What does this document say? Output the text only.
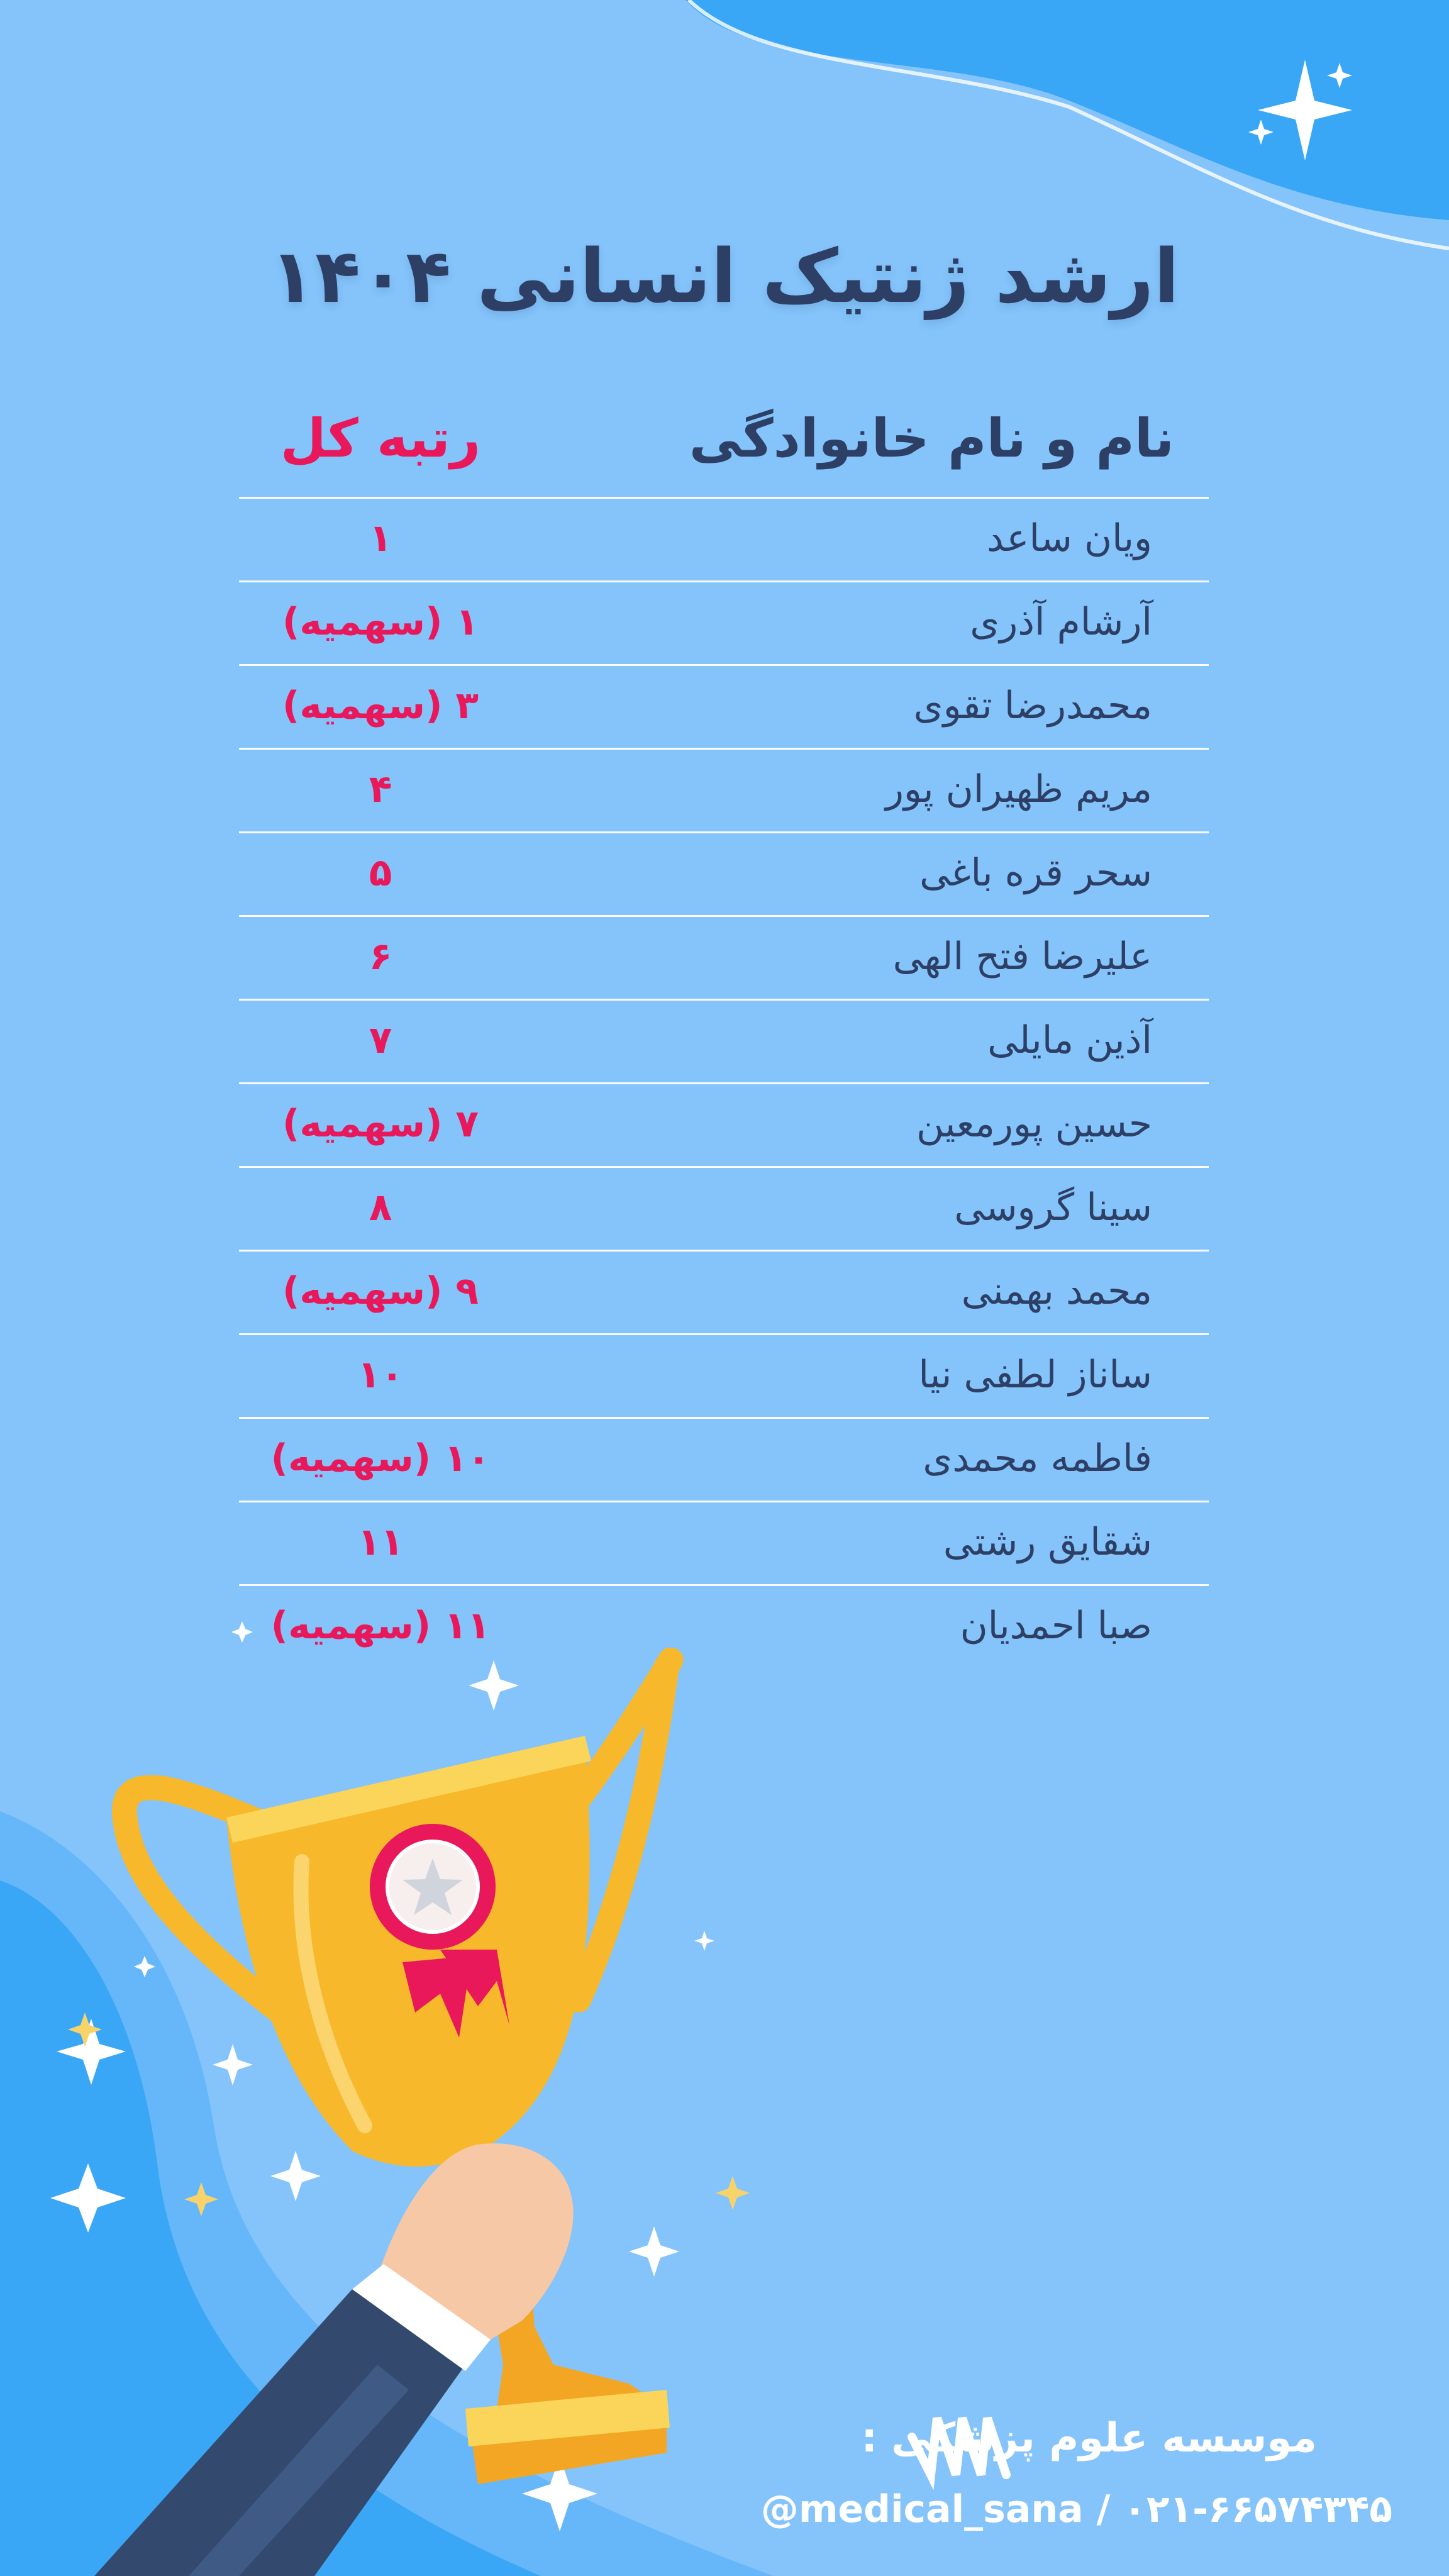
ارشد ژنتیک انسانی ۱۴۰۴
نام و نام خانوادگی
رتبه کل
ویان ساعد
۱
آرشام آذری
۱ (سهمیه)
محمدرضا تقوی
۳ (سهمیه)
مریم ظهیران پور
۴
سحر قره باغی
۵
علیرضا فتح الهی
۶
آذین مایلی
۷
حسین پورمعین
۷ (سهمیه)
سینا گروسی
۸
محمد بهمنی
۹ (سهمیه)
ساناز لطفی نیا
۱۰
فاطمه محمدی
۱۰ (سهمیه)
شقایق رشتی
۱۱
صبا احمدیان
۱۱ (سهمیه)
موسسه علوم پزشکی :
@medical_sana / ۰۲۱-۶۶۵۷۴۳۴۵
